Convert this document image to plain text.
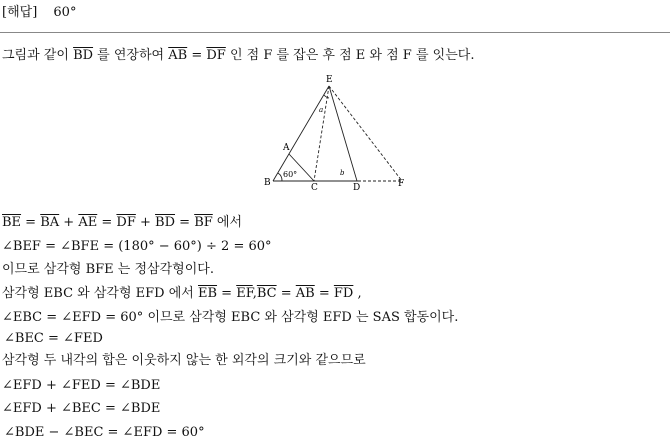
[해답] 60°
그림과 같이 $\overline{BD}$ 를 연장하여 $\overline{AB} = \overline{DF}$ 인 점 F 를 잡은 후 점 E 와 점 F 를 잇는다.
E
A
B	C	D	F
60°
a
b
$\overline{BE} = \overline{BA} + \overline{AE} = \overline{DF} + \overline{BD} = \overline{BF}$ 에서
∠BEF = ∠BFE = (180° − 60°) ÷ 2 = 60°
이므로 삼각형 BFE 는 정삼각형이다.
삼각형 EBC 와 삼각형 EFD 에서 $\overline{EB} = \overline{EF},\overline{BC} = \overline{AB} = \overline{FD}$ ,
∠EBC = ∠EFD = 60° 이므로 삼각형 EBC 와 삼각형 EFD 는 SAS 합동이다.
∠BEC = ∠FED
삼각형 두 내각의 합은 이웃하지 않는 한 외각의 크기와 같으므로
∠EFD + ∠FED = ∠BDE
∠EFD + ∠BEC = ∠BDE
∠BDE − ∠BEC = ∠EFD = 60°
